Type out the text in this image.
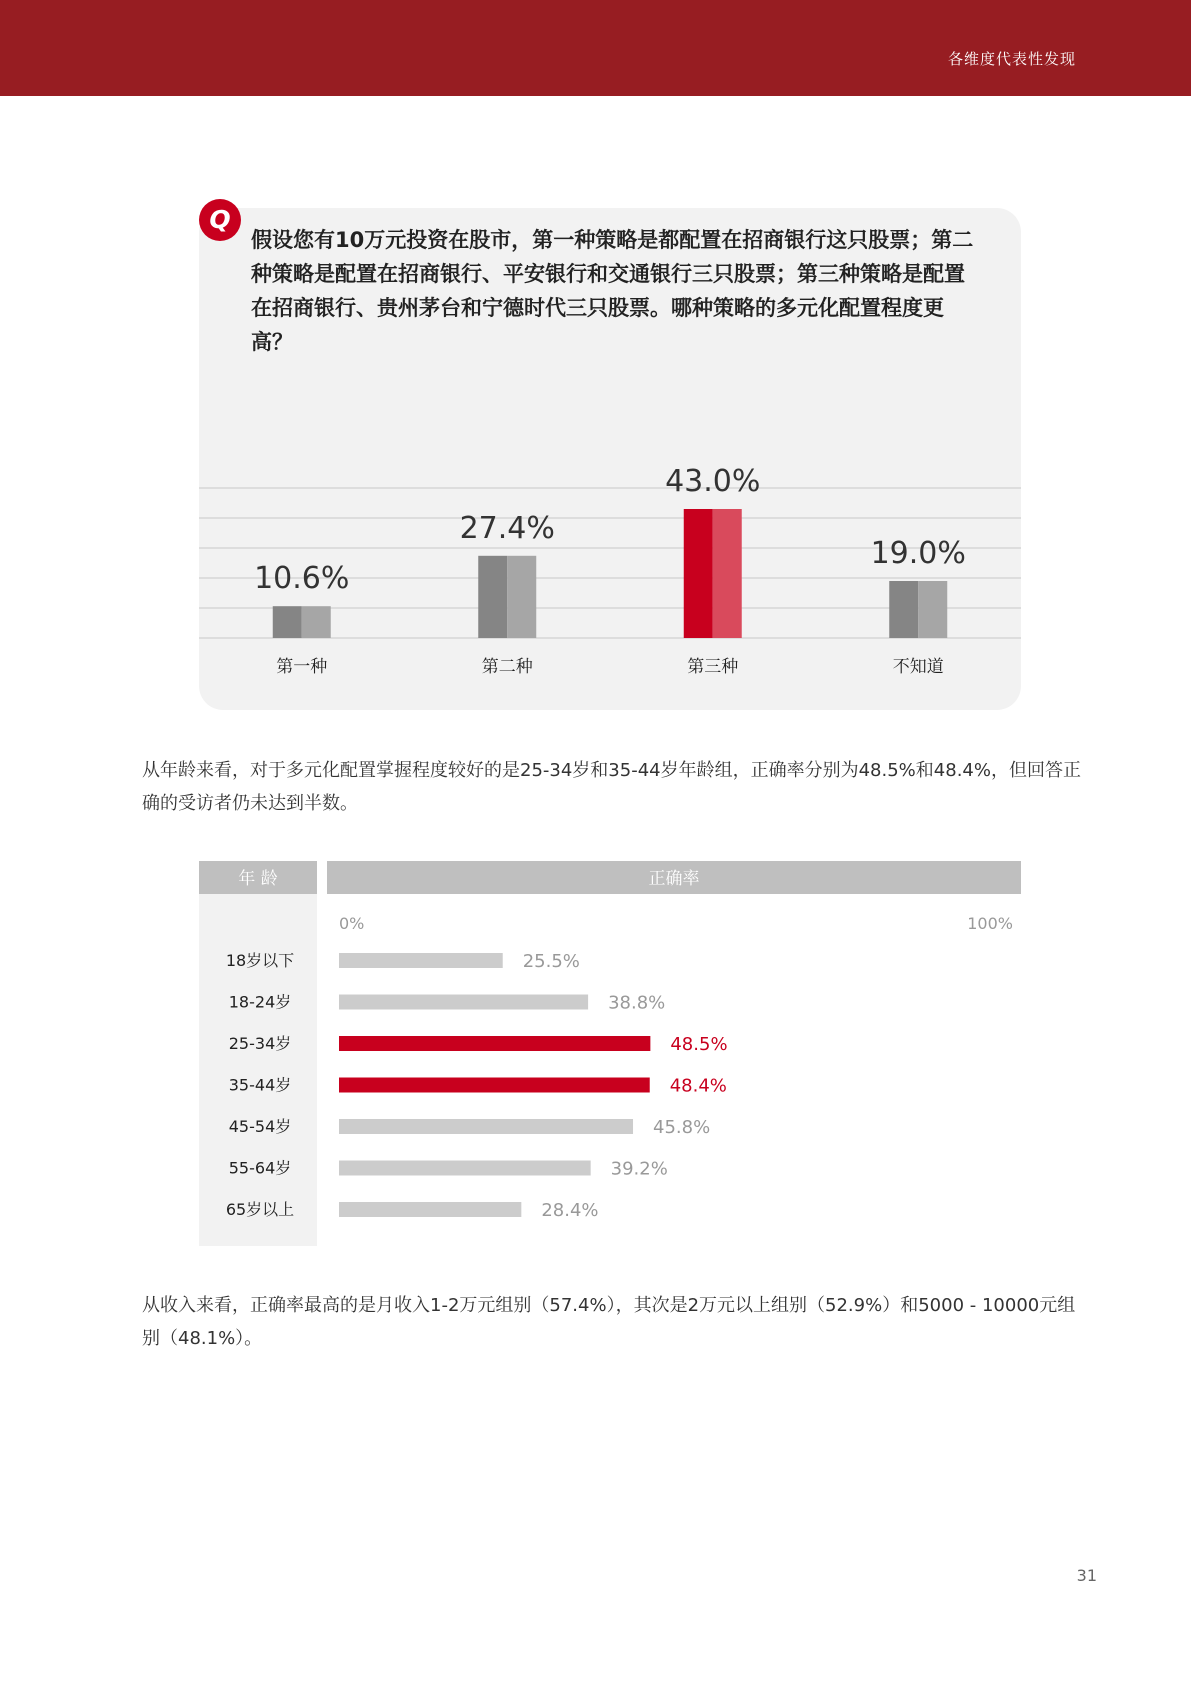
各维度代表性发现
Q
假设您有10万元投资在股市，第一种策略是都配置在招商银行这只股票；第二种策略是配置在招商银行、平安银行和交通银行三只股票；第三种策略是配置在招商银行、贵州茅台和宁德时代三只股票。哪种策略的多元化配置程度更高？
10.6%
第一种
27.4%
第二种
43.0%
第三种
19.0%
不知道
从年龄来看，对于多元化配置掌握程度较好的是25-34岁和35-44岁年龄组，正确率分别为48.5%和48.4%，但回答正确的受访者仍未达到半数。
年 龄	正确率
0%	100%
18岁以下	25.5%
18-24岁	38.8%
25-34岁	48.5%
35-44岁	48.4%
45-54岁	45.8%
55-64岁	39.2%
65岁以上	28.4%
从收入来看，正确率最高的是月收入1-2万元组别（57.4%），其次是2万元以上组别（52.9%）和5000 - 10000元组别（48.1%）。
31
